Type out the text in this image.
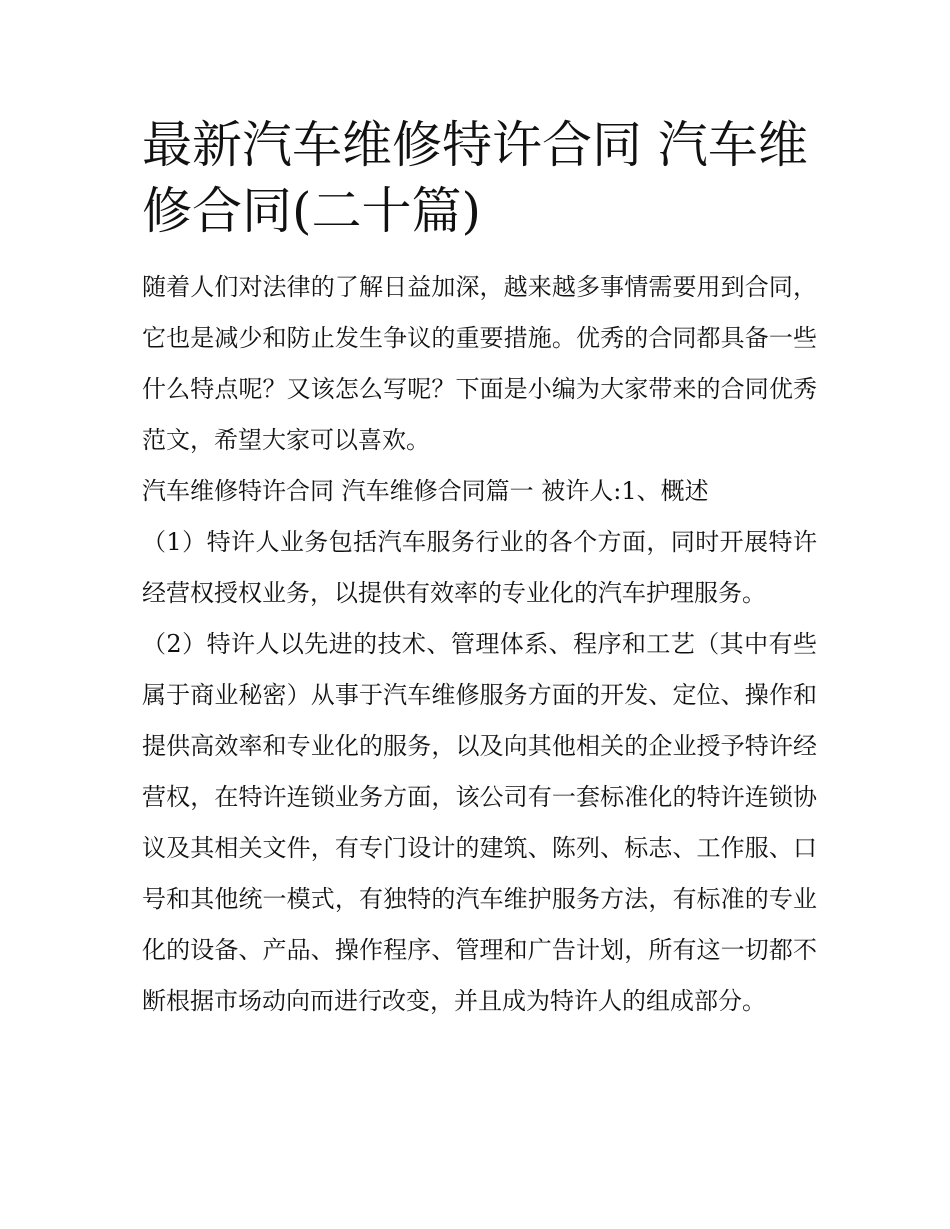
最新汽车维修特许合同 汽车维修合同(二十篇)

随着人们对法律的了解日益加深，越来越多事情需要用到合同，它也是减少和防止发生争议的重要措施。优秀的合同都具备一些什么特点呢？又该怎么写呢？下面是小编为大家带来的合同优秀范文，希望大家可以喜欢。

汽车维修特许合同 汽车维修合同篇一 被许人:1、概述

（1）特许人业务包括汽车服务行业的各个方面，同时开展特许经营权授权业务，以提供有效率的专业化的汽车护理服务。

（2）特许人以先进的技术、管理体系、程序和工艺（其中有些属于商业秘密）从事于汽车维修服务方面的开发、定位、操作和提供高效率和专业化的服务，以及向其他相关的企业授予特许经营权，在特许连锁业务方面，该公司有一套标准化的特许连锁协议及其相关文件，有专门设计的建筑、陈列、标志、工作服、口号和其他统一模式，有独特的汽车维护服务方法，有标准的专业化的设备、产品、操作程序、管理和广告计划，所有这一切都不断根据市场动向而进行改变，并且成为特许人的组成部分。
